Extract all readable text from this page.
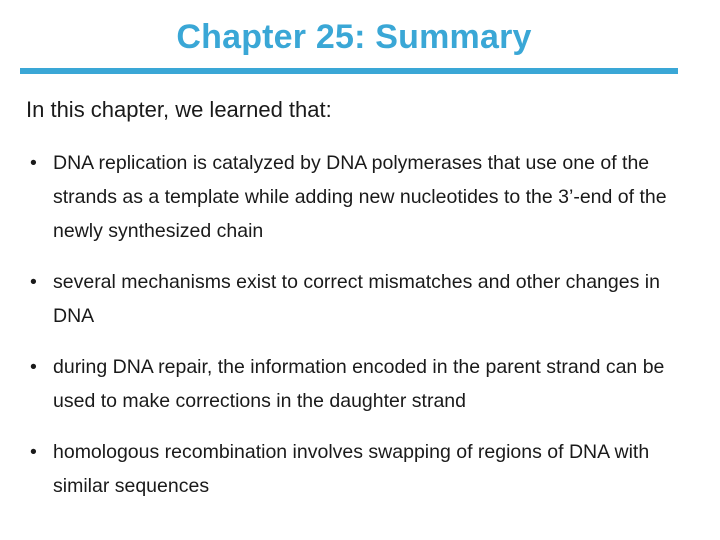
Chapter 25: Summary
In this chapter, we learned that:
• DNA replication is catalyzed by DNA polymerases that use one of the strands as a template while adding new nucleotides to the 3’-end of the newly synthesized chain
• several mechanisms exist to correct mismatches and other changes in DNA
• during DNA repair, the information encoded in the parent strand can be used to make corrections in the daughter strand
• homologous recombination involves swapping of regions of DNA with similar sequences
